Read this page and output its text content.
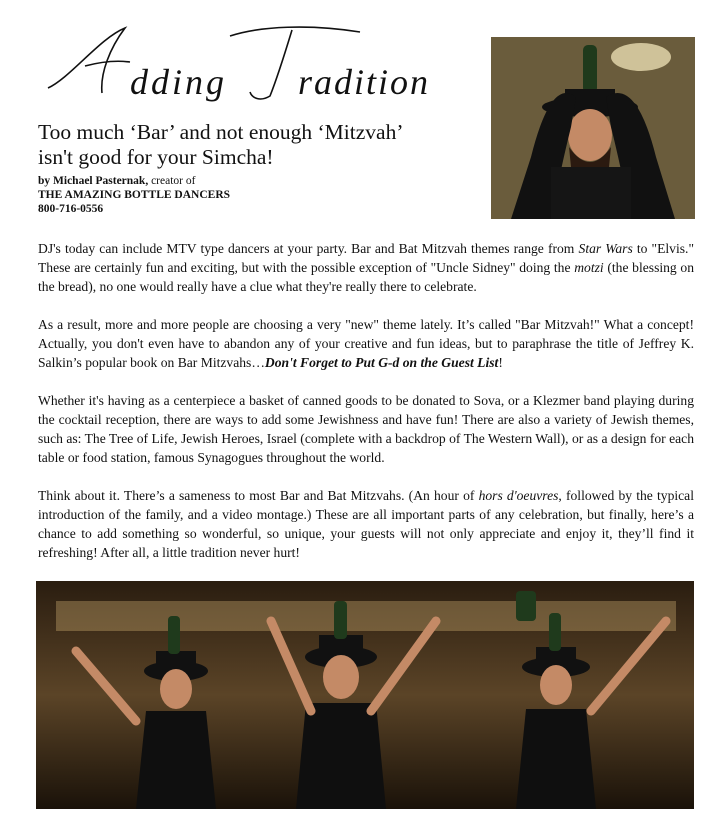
dding radition
Too much ‘Bar’ and not enough ‘Mitzvah’
isn't good for your Simcha!
by Michael Pasternak, creator of
THE AMAZING BOTTLE DANCERS
800-716-0556

DJ's today can include MTV type dancers at your party. Bar and Bat Mitzvah themes range from Star Wars to "Elvis." These are certainly fun and exciting, but with the possible exception of "Uncle Sidney" doing the motzi (the blessing on the bread), no one would really have a clue what they're really there to celebrate.

As a result, more and more people are choosing a very "new" theme lately. It’s called "Bar Mitzvah!" What a concept! Actually, you don't even have to abandon any of your creative and fun ideas, but to paraphrase the title of Jeffrey K. Salkin’s popular book on Bar Mitzvahs…Don't Forget to Put G-d on the Guest List!

Whether it's having as a centerpiece a basket of canned goods to be donated to Sova, or a Klezmer band playing during the cocktail reception, there are ways to add some Jewishness and have fun! There are also a variety of Jewish themes, such as: The Tree of Life, Jewish Heroes, Israel (complete with a backdrop of The Western Wall), or as a design for each table or food station, famous Synagogues throughout the world.

Think about it. There’s a sameness to most Bar and Bat Mitzvahs. (An hour of hors d'oeuvres, followed by the typical introduction of the family, and a video montage.) These are all important parts of any celebration, but finally, here’s a chance to add something so wonderful, so unique, your guests will not only appreciate and enjoy it, they’ll find it refreshing! After all, a little tradition never hurt!
